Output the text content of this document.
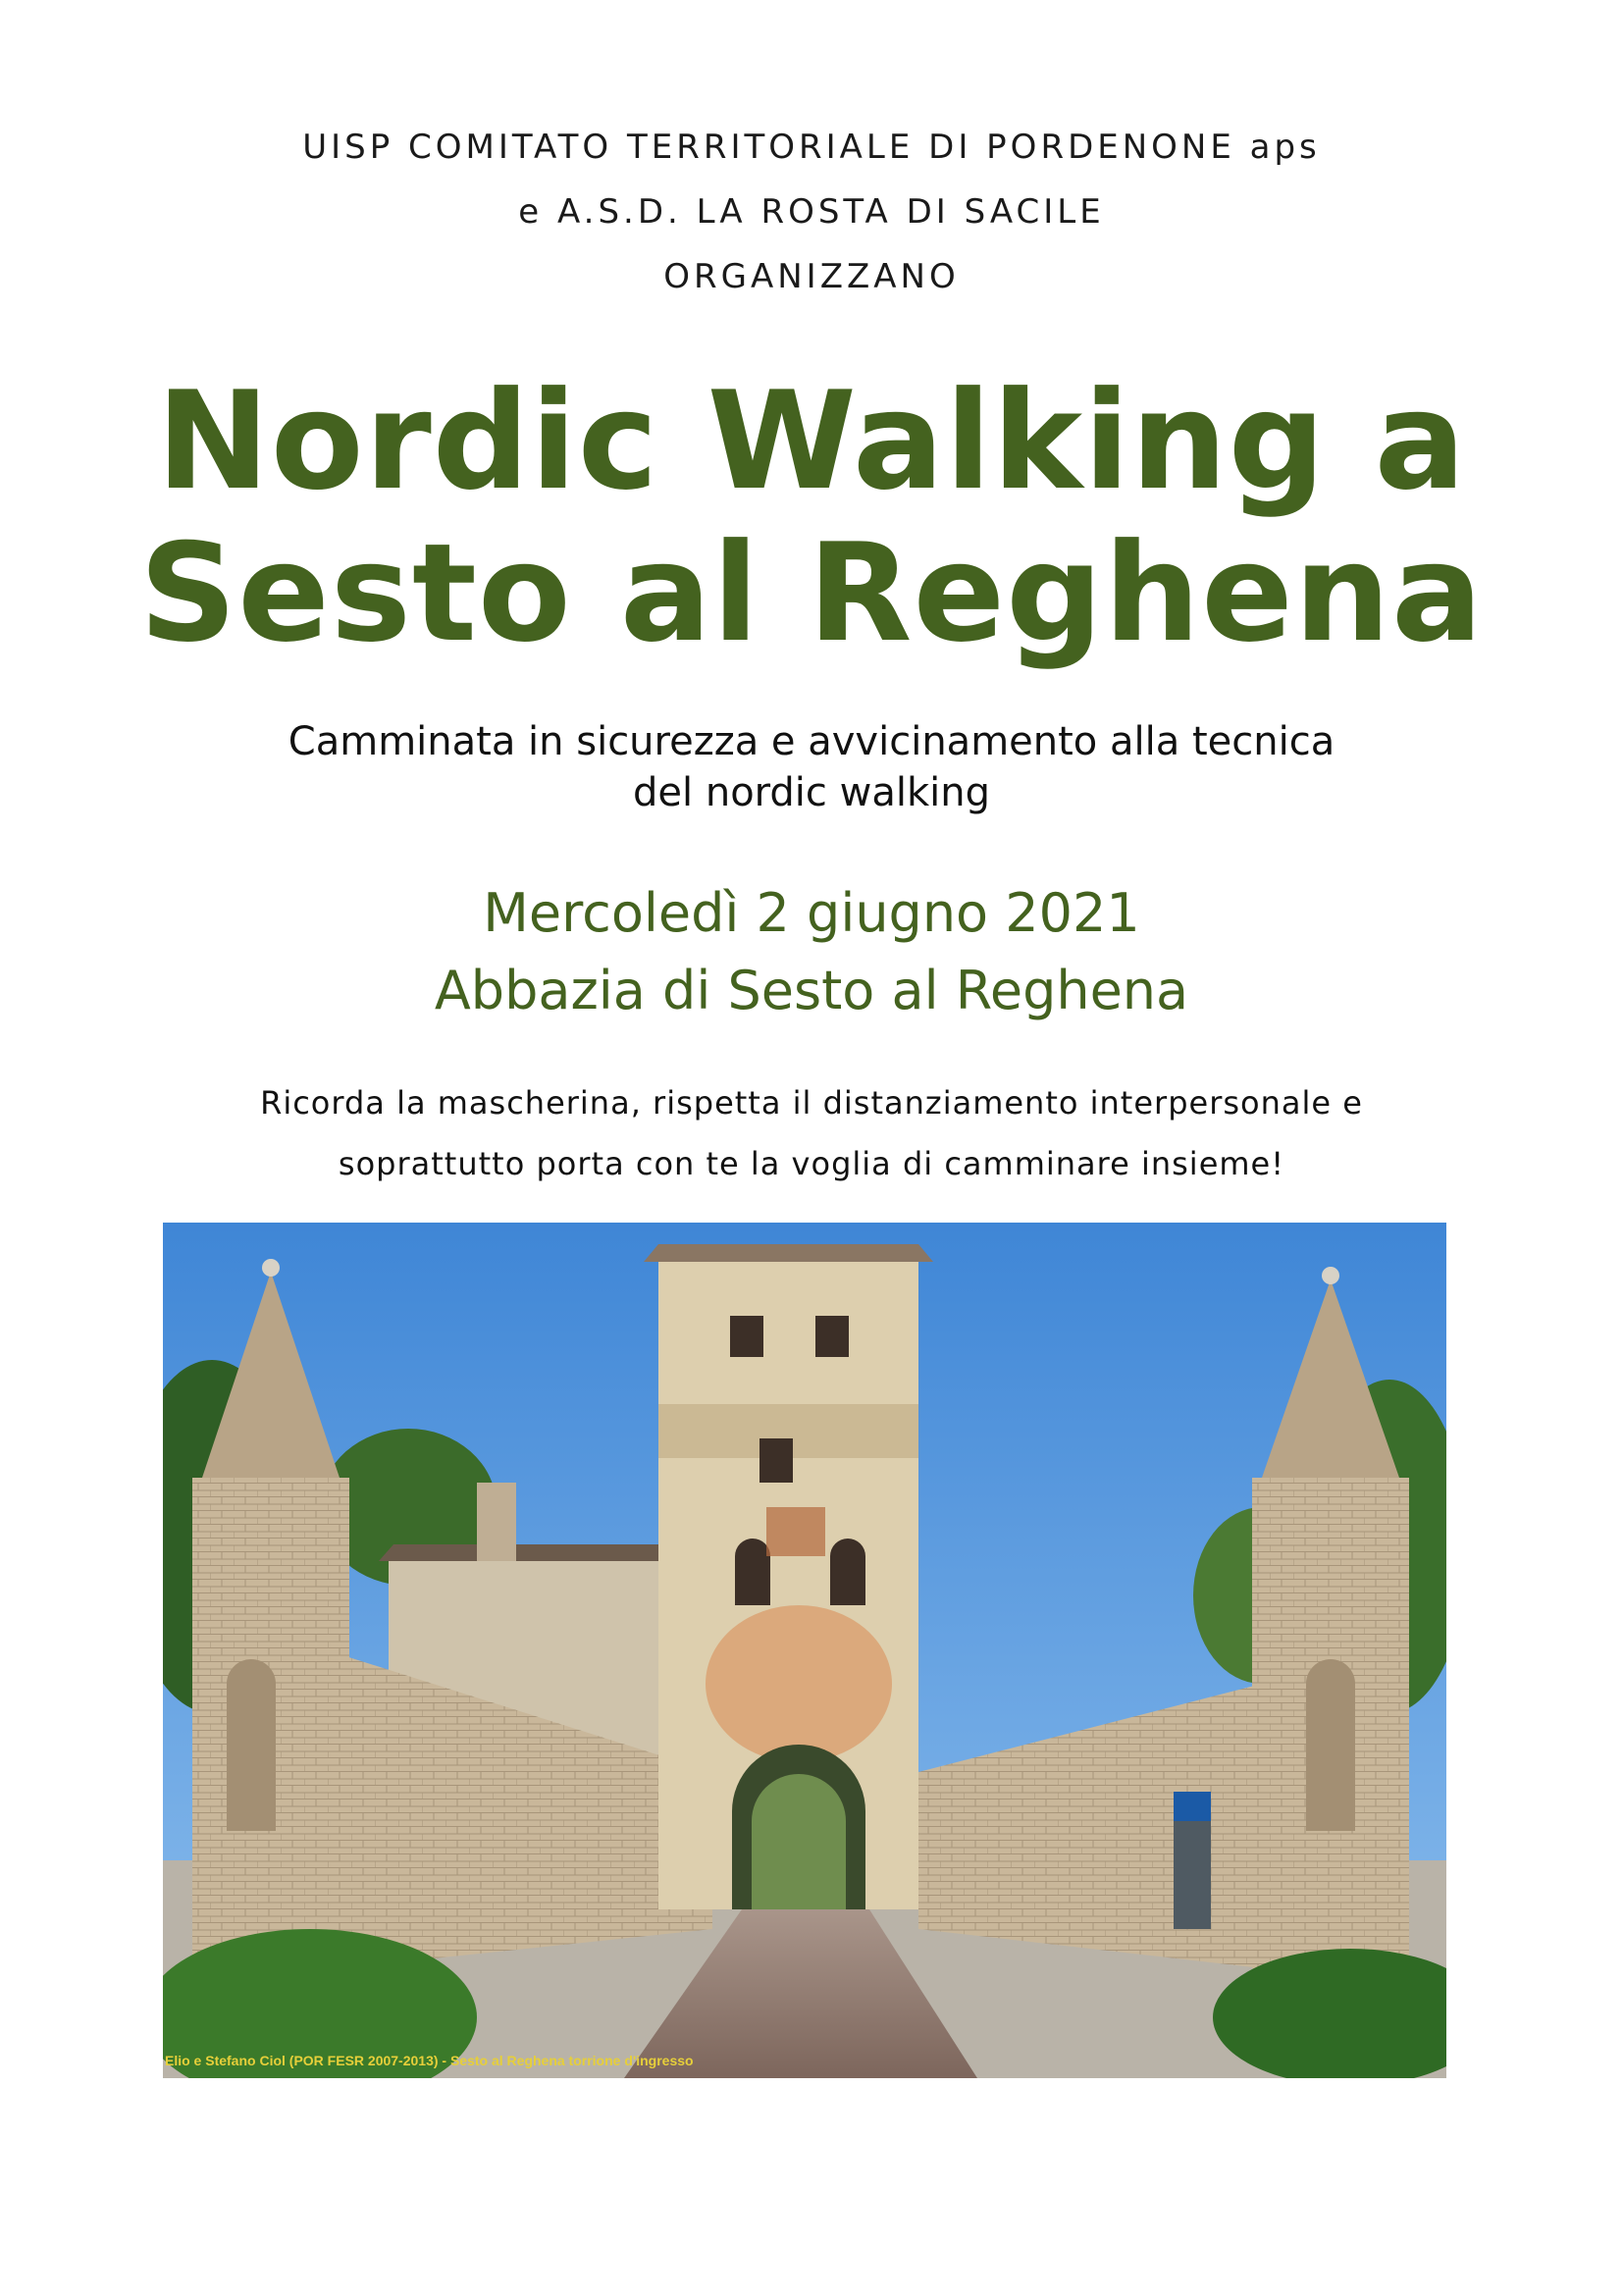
UISP COMITATO TERRITORIALE DI PORDENONE aps
e A.S.D. LA ROSTA DI SACILE
ORGANIZZANO
Nordic Walking a
Sesto al Reghena
Camminata in sicurezza e avvicinamento alla tecnica
del nordic walking
Mercoledì 2 giugno 2021
Abbazia di Sesto al Reghena
Ricorda la mascherina, rispetta il distanziamento interpersonale e
soprattutto porta con te la voglia di camminare insieme!
Elio e Stefano Ciol (POR FESR 2007-2013) - Sesto al Reghena torrione d'ingresso
